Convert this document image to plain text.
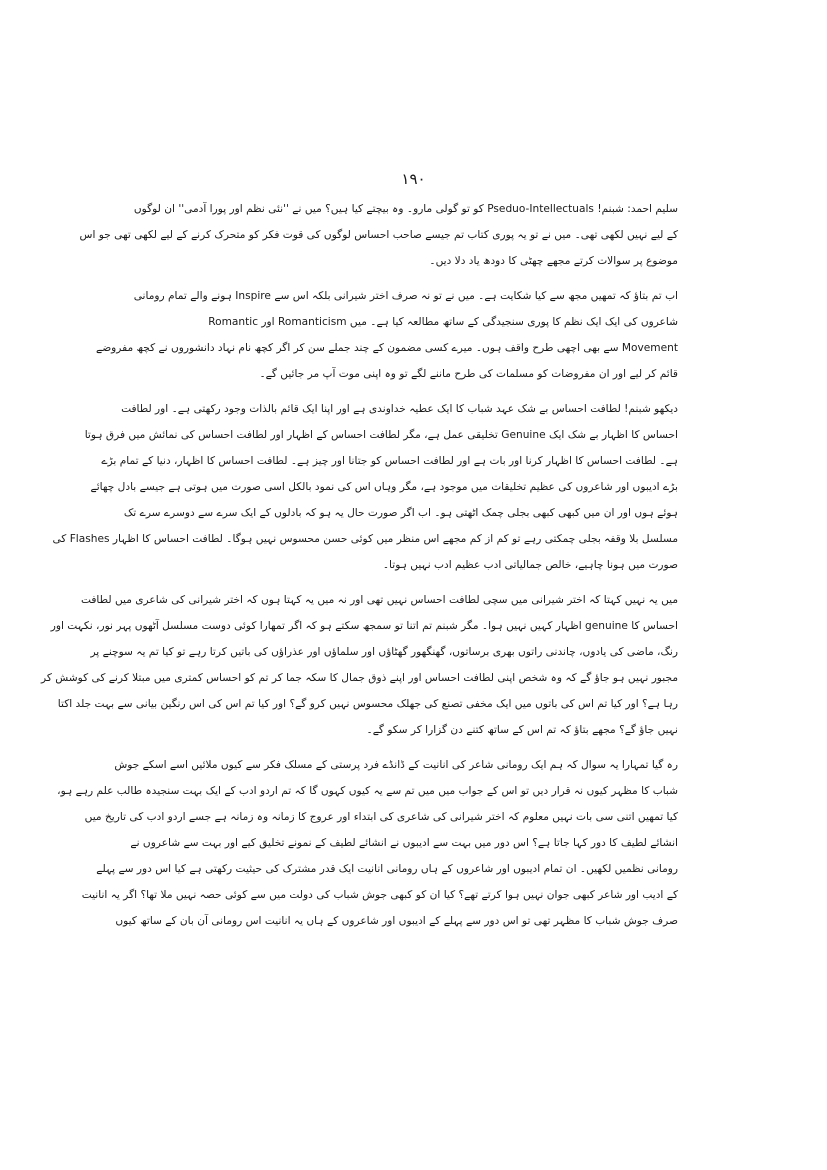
۱۹۰

سلیم احمد: شبنم! Pseduo-Intellectuals کو تو گولی مارو۔ وہ بیچتے کیا ہیں؟ میں نے ''نئی نظم اور پورا آدمی'' ان لوگوں
کے لیے نہیں لکھی تھی۔ میں نے تو یہ پوری کتاب تم جیسے صاحب احساس لوگوں کی قوت فکر کو متحرک کرنے کے لیے لکھی تھی جو اس
موضوع پر سوالات کرتے مجھے چھٹی کا دودھ یاد دلا دیں۔

اب تم بتاؤ کہ تمھیں مجھ سے کیا شکایت ہے۔ میں نے تو نہ صرف اختر شیرانی بلکہ اس سے Inspire ہونے والے تمام رومانی
شاعروں کی ایک ایک نظم کا پوری سنجیدگی کے ساتھ مطالعہ کیا ہے۔ میں Romanticism اور Romantic
Movement سے بھی اچھی طرح واقف ہوں۔ میرے کسی مضمون کے چند جملے سن کر اگر کچھ نام نہاد دانشوروں نے کچھ مفروضے
قائم کر لیے اور ان مفروضات کو مسلمات کی طرح ماننے لگے تو وہ اپنی موت آپ مر جائیں گے۔

دیکھو شبنم! لطافت احساس بے شک عہد شباب کا ایک عطیہ خداوندی ہے اور اپنا ایک قائم بالذات وجود رکھتی ہے۔ اور لطافت
احساس کا اظہار بے شک ایک Genuine تخلیقی عمل ہے، مگر لطافت احساس کے اظہار اور لطافت احساس کی نمائش میں فرق ہوتا
ہے۔ لطافت احساس کا اظہار کرنا اور بات ہے اور لطافت احساس کو جتانا اور چیز ہے۔ لطافت احساس کا اظہار، دنیا کے تمام بڑے
بڑے ادیبوں اور شاعروں کی عظیم تخلیقات میں موجود ہے، مگر وہاں اس کی نمود بالکل اسی صورت میں ہوتی ہے جیسے بادل چھائے
ہوئے ہوں اور ان میں کبھی کبھی بجلی چمک اٹھتی ہو۔ اب اگر صورت حال یہ ہو کہ بادلوں کے ایک سرے سے دوسرے سرے تک
مسلسل بلا وقفہ بجلی چمکتی رہے تو کم از کم مجھے اس منظر میں کوئی حسن محسوس نہیں ہوگا۔ لطافت احساس کا اظہار Flashes کی
صورت میں ہونا چاہیے، خالص جمالیاتی ادب عظیم ادب نہیں ہوتا۔

میں یہ نہیں کہتا کہ اختر شیرانی میں سچی لطافت احساس نہیں تھی اور نہ میں یہ کہتا ہوں کہ اختر شیرانی کی شاعری میں لطافت
احساس کا genuine اظہار کہیں نہیں ہوا۔ مگر شبنم تم اتنا تو سمجھ سکتے ہو کہ اگر تمھارا کوئی دوست مسلسل آٹھوں پہر نور، نکہت اور
رنگ، ماضی کی یادوں، چاندنی راتوں بھری برساتوں، گھنگھور گھٹاؤں اور سلماؤں اور عذراؤں کی باتیں کرتا رہے تو کیا تم یہ سوچنے پر
مجبور نہیں ہو جاؤ گے کہ وہ شخص اپنی لطافت احساس اور اپنے ذوق جمال کا سکہ جما کر تم کو احساس کمتری میں مبتلا کرنے کی کوشش کر
رہا ہے؟ اور کیا تم اس کی باتوں میں ایک مخفی تصنع کی جھلک محسوس نہیں کرو گے؟ اور کیا تم اس کی اس رنگین بیانی سے بہت جلد اکتا
نہیں جاؤ گے؟ مجھے بتاؤ کہ تم اس کے ساتھ کتنے دن گزارا کر سکو گے۔

رہ گیا تمہارا یہ سوال کہ ہم ایک رومانی شاعر کی انانیت کے ڈانڈے فرد پرستی کے مسلک فکر سے کیوں ملائیں اسے اسکے جوش
شباب کا مظہر کیوں نہ قرار دیں تو اس کے جواب میں میں تم سے یہ کیوں کہوں گا کہ تم اردو ادب کے ایک بہت سنجیدہ طالب علم رہے ہو،
کیا تمھیں اتنی سی بات نہیں معلوم کہ اختر شیرانی کی شاعری کی ابتداء اور عروج کا زمانہ وہ زمانہ ہے جسے اردو ادب کی تاریخ میں
انشائے لطیف کا دور کہا جاتا ہے؟ اس دور میں بہت سے ادیبوں نے انشائے لطیف کے نمونے تخلیق کیے اور بہت سے شاعروں نے
رومانی نظمیں لکھیں۔ ان تمام ادیبوں اور شاعروں کے ہاں رومانی انانیت ایک قدر مشترک کی حیثیت رکھتی ہے کیا اس دور سے پہلے
کے ادیب اور شاعر کبھی جوان نہیں ہوا کرتے تھے؟ کیا ان کو کبھی جوش شباب کی دولت میں سے کوئی حصہ نہیں ملا تھا؟ اگر یہ انانیت
صرف جوش شباب کا مظہر تھی تو اس دور سے پہلے کے ادیبوں اور شاعروں کے ہاں یہ انانیت اس رومانی آن بان کے ساتھ کیوں
